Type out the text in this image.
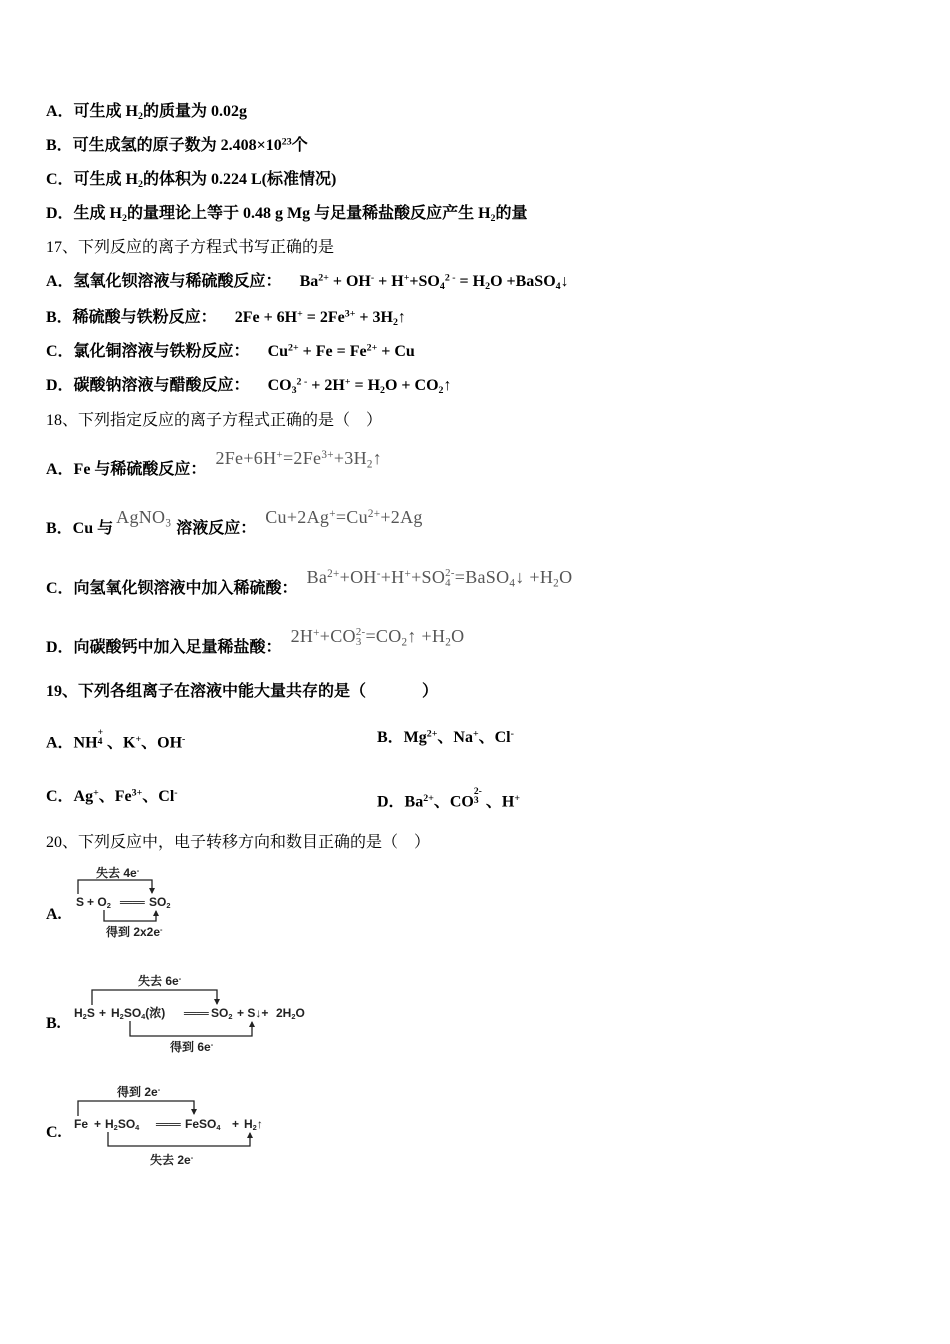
A．可生成 $H_2$的质量为 0.02g
B．可生成氢的原子数为 $2.408\times 10^{23}$个
C．可生成 $H_2$的体积为 0.224 L(标准情况)
D．生成 $H_2$的量理论上等于 0.48 g Mg 与足量稀盐酸反应产生 $H_2$的量
17、下列反应的离子方程式书写正确的是
A．氢氧化钡溶液与稀硫酸反应： $Ba^{2+} + OH^- + H^++SO_4^{2 -} = H_2O$ +BaSO$_4$↓
B．稀硫酸与铁粉反应： $2Fe + 6H^+ = 2Fe^{3+}$ + $3H_2↑$
C．氯化铜溶液与铁粉反应： $Cu^{2+} + Fe = Fe^{2+} + Cu$
D．碳酸钠溶液与醋酸反应： $CO_3^{2 -} + 2H^+ = H_2O$ + $CO_2↑$
18、下列指定反应的离子方程式正确的是（    ）
A．Fe 与稀硫酸反应：$2Fe+6H^+=2Fe^{3+}+3H_2↑$
B．Cu 与AgNO$_3$ 溶液反应：$Cu+2Ag^+=Cu^{2+}+2Ag$
C．向氢氧化钡溶液中加入稀硫酸：$Ba^{2+}+OH^-+H^++SO$ 2-
4 =BaSO$_4$↓ $+H_2O$
D．向碳酸钙中加入足量稀盐酸：2H++CO 2-
$3 =CO_2↑ +H_2O$
19、下列各组离子在溶液中能大量共存的是（              ）
A．NH
+
4 、K+、OH-	B．$Mg^{2+}$、Na+、Cl-
C．Ag+、$Fe^{3+}$、Cl-
D．$Ba^{2+}$、CO
2-
3 、H+
20、下列反应中，电子转移方向和数目正确的是（    ）
A.
失去 4e-
$S + O_2$ ══ $SO_2$
得到 2x2e-
B.
失去 6e-
$H_2S + H_2SO_4$(浓) ══ $SO_2$ + S↓+ $2H_2O$
得到 6e-
C.
得到 2e-
$Fe + H_2SO_4$ ══ FeSO$_4$ + $H_2↑$
失去 2e-
